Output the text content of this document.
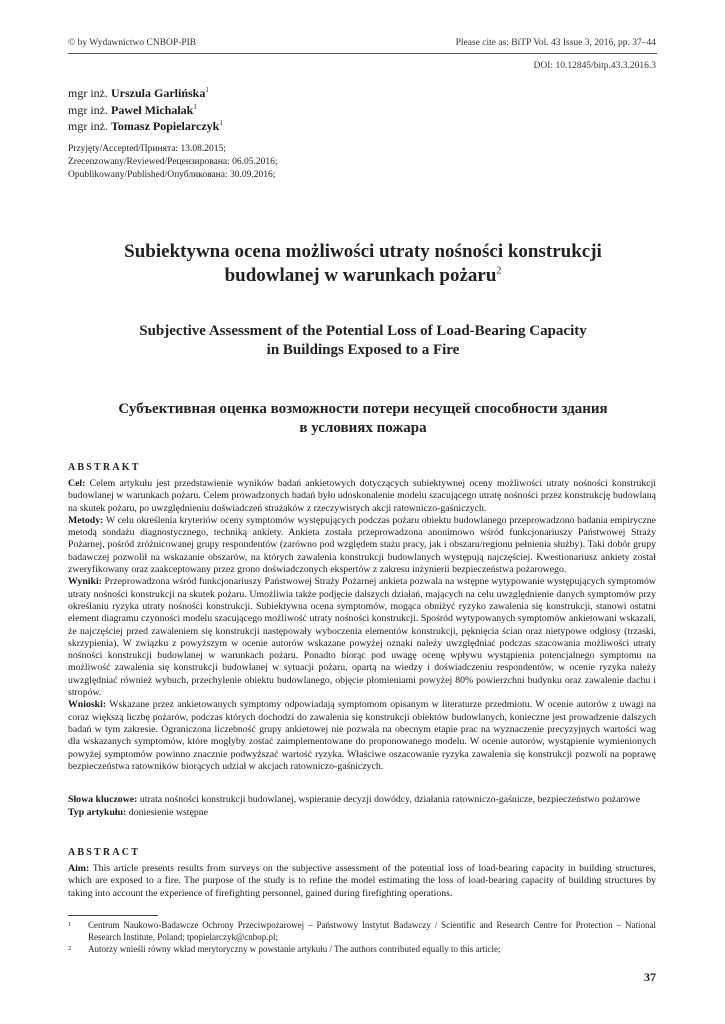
© by Wydawnictwo CNBOP-PIB	Please cite as: BiTP Vol. 43 Issue 3, 2016, pp. 37–44
DOI: 10.12845/bitp.43.3.2016.3
mgr inż. Urszula Garlińska$^1$
mgr inż. Paweł Michalak$^1$
mgr inż. Tomasz Popielarczyk$^1$
Przyjęty/Accepted/Принята: 13.08.2015;
Zrecenzowany/Reviewed/Рецензирована: 06.05.2016;
Opublikowany/Published/Опубликована: 30.09.2016;
Subiektywna ocena możliwości utraty nośności konstrukcji
budowlanej w warunkach pożaru$^2$
Subjective Assessment of the Potential Loss of Load-Bearing Capacity
in Buildings Exposed to a Fire
Субъективная оценка возможности потери несущей способности здания
в условиях пожара
ABSTRAKT

Cel: Celem artykułu jest przedstawienie wyników badań ankietowych dotyczących subiektywnej oceny możliwości utraty nośności konstrukcji budowlanej w warunkach pożaru. Celem prowadzonych badań było udoskonalenie modelu szacującego utratę nośności przez konstrukcję budowlaną na skutek pożaru, po uwzględnieniu doświadczeń strażaków z rzeczywistych akcji ratowniczo-gaśniczych.

Metody: W celu określenia kryteriów oceny symptomów występujących podczas pożaru obiektu budowlanego przeprowadzono badania empiryczne metodą sondażu diagnostycznego, techniką ankiety. Ankieta została przeprowadzona anonimowo wśród funkcjonariuszy Państwowej Straży Pożarnej, pośród zróżnicowanej grupy respondentów (zarówno pod względem stażu pracy, jak i obszaru/regionu pełnienia służby). Taki dobór grupy badawczej pozwolił na wskazanie obszarów, na których zawalenia konstrukcji budowlanych występują najczęściej. Kwestionariusz ankiety został zweryfikowany oraz zaakceptowany przez grono doświadczonych ekspertów z zakresu inżynierii bezpieczeństwa pożarowego.

Wyniki: Przeprowadzona wśród funkcjonariuszy Państwowej Straży Pożarnej ankieta pozwala na wstępne wytypowanie występujących symptomów utraty nośności konstrukcji na skutek pożaru. Umożliwia także podjęcie dalszych działań, mających na celu uwzględnienie danych symptomów przy określaniu ryzyka utraty nośności konstrukcji. Subiektywna ocena symptomów, mogąca obniżyć ryzyko zawalenia się konstrukcji, stanowi ostatni element diagramu czynności modelu szacującego możliwość utraty nośności konstrukcji. Spośród wytypowanych symptomów ankietowani wskazali, że najczęściej przed zawaleniem się konstrukcji następowały wyboczenia elementów konstrukcji, pęknięcia ścian oraz nietypowe odgłosy (trzaski, skrzypienia). W związku z powyższym w ocenie autorów wskazane powyżej oznaki należy uwzględniać podczas szacowania możliwości utraty nośności konstrukcji budowlanej w warunkach pożaru. Ponadto biorąc pod uwagę ocenę wpływu wystąpienia potencjalnego symptomu na możliwość zawalenia się konstrukcji budowlanej w sytuacji pożaru, opartą na wiedzy i doświadczeniu respondentów, w ocenie ryzyka należy uwzględniać również wybuch, przechylenie obiektu budowlanego, objęcie płomieniami powyżej 80% powierzchni budynku oraz zawalenie dachu i stropów.

Wnioski: Wskazane przez ankietowanych symptomy odpowiadają symptomom opisanym w literaturze przedmiotu. W ocenie autorów z uwagi na coraz większą liczbę pożarów, podczas których dochodzi do zawalenia się konstrukcji obiektów budowlanych, konieczne jest prowadzenie dalszych badań w tym zakresie. Ograniczona liczebność grupy ankietowej nie pozwala na obecnym etapie prac na wyznaczenie precyzyjnych wartości wag dla wskazanych symptomów, które mogłyby zostać zaimplementowane do proponowanego modelu. W ocenie autorów, wystąpienie wymienionych powyżej symptomów powinno znacznie podwyższać wartość ryzyka. Właściwe oszacowanie ryzyka zawalenia się konstrukcji pozwoli na poprawę bezpieczeństwa ratowników biorących udział w akcjach ratowniczo-gaśniczych.

Słowa kluczowe: utrata nośności konstrukcji budowlanej, wspieranie decyzji dowódcy, działania ratowniczo-gaśnicze, bezpieczeństwo pożarowe

Typ artykułu: doniesienie wstępne

ABSTRACT

Aim: This article presents results from surveys on the subjective assessment of the potential loss of load-bearing capacity in building structures, which are exposed to a fire. The purpose of the study is to refine the model estimating the loss of load-bearing capacity of building structures by taking into account the experience of firefighting personnel, gained during firefighting operations.

1 Centrum Naukowo-Badawcze Ochrony Przeciwpożarowej – Państwowy Instytut Badawczy / Scientific and Research Centre for Protection – National Research Institute, Poland; tpopielarczyk@cnbop.pl;
2 Autorzy wnieśli równy wkład merytoryczny w powstanie artykułu / The authors contributed equally to this article;
37
